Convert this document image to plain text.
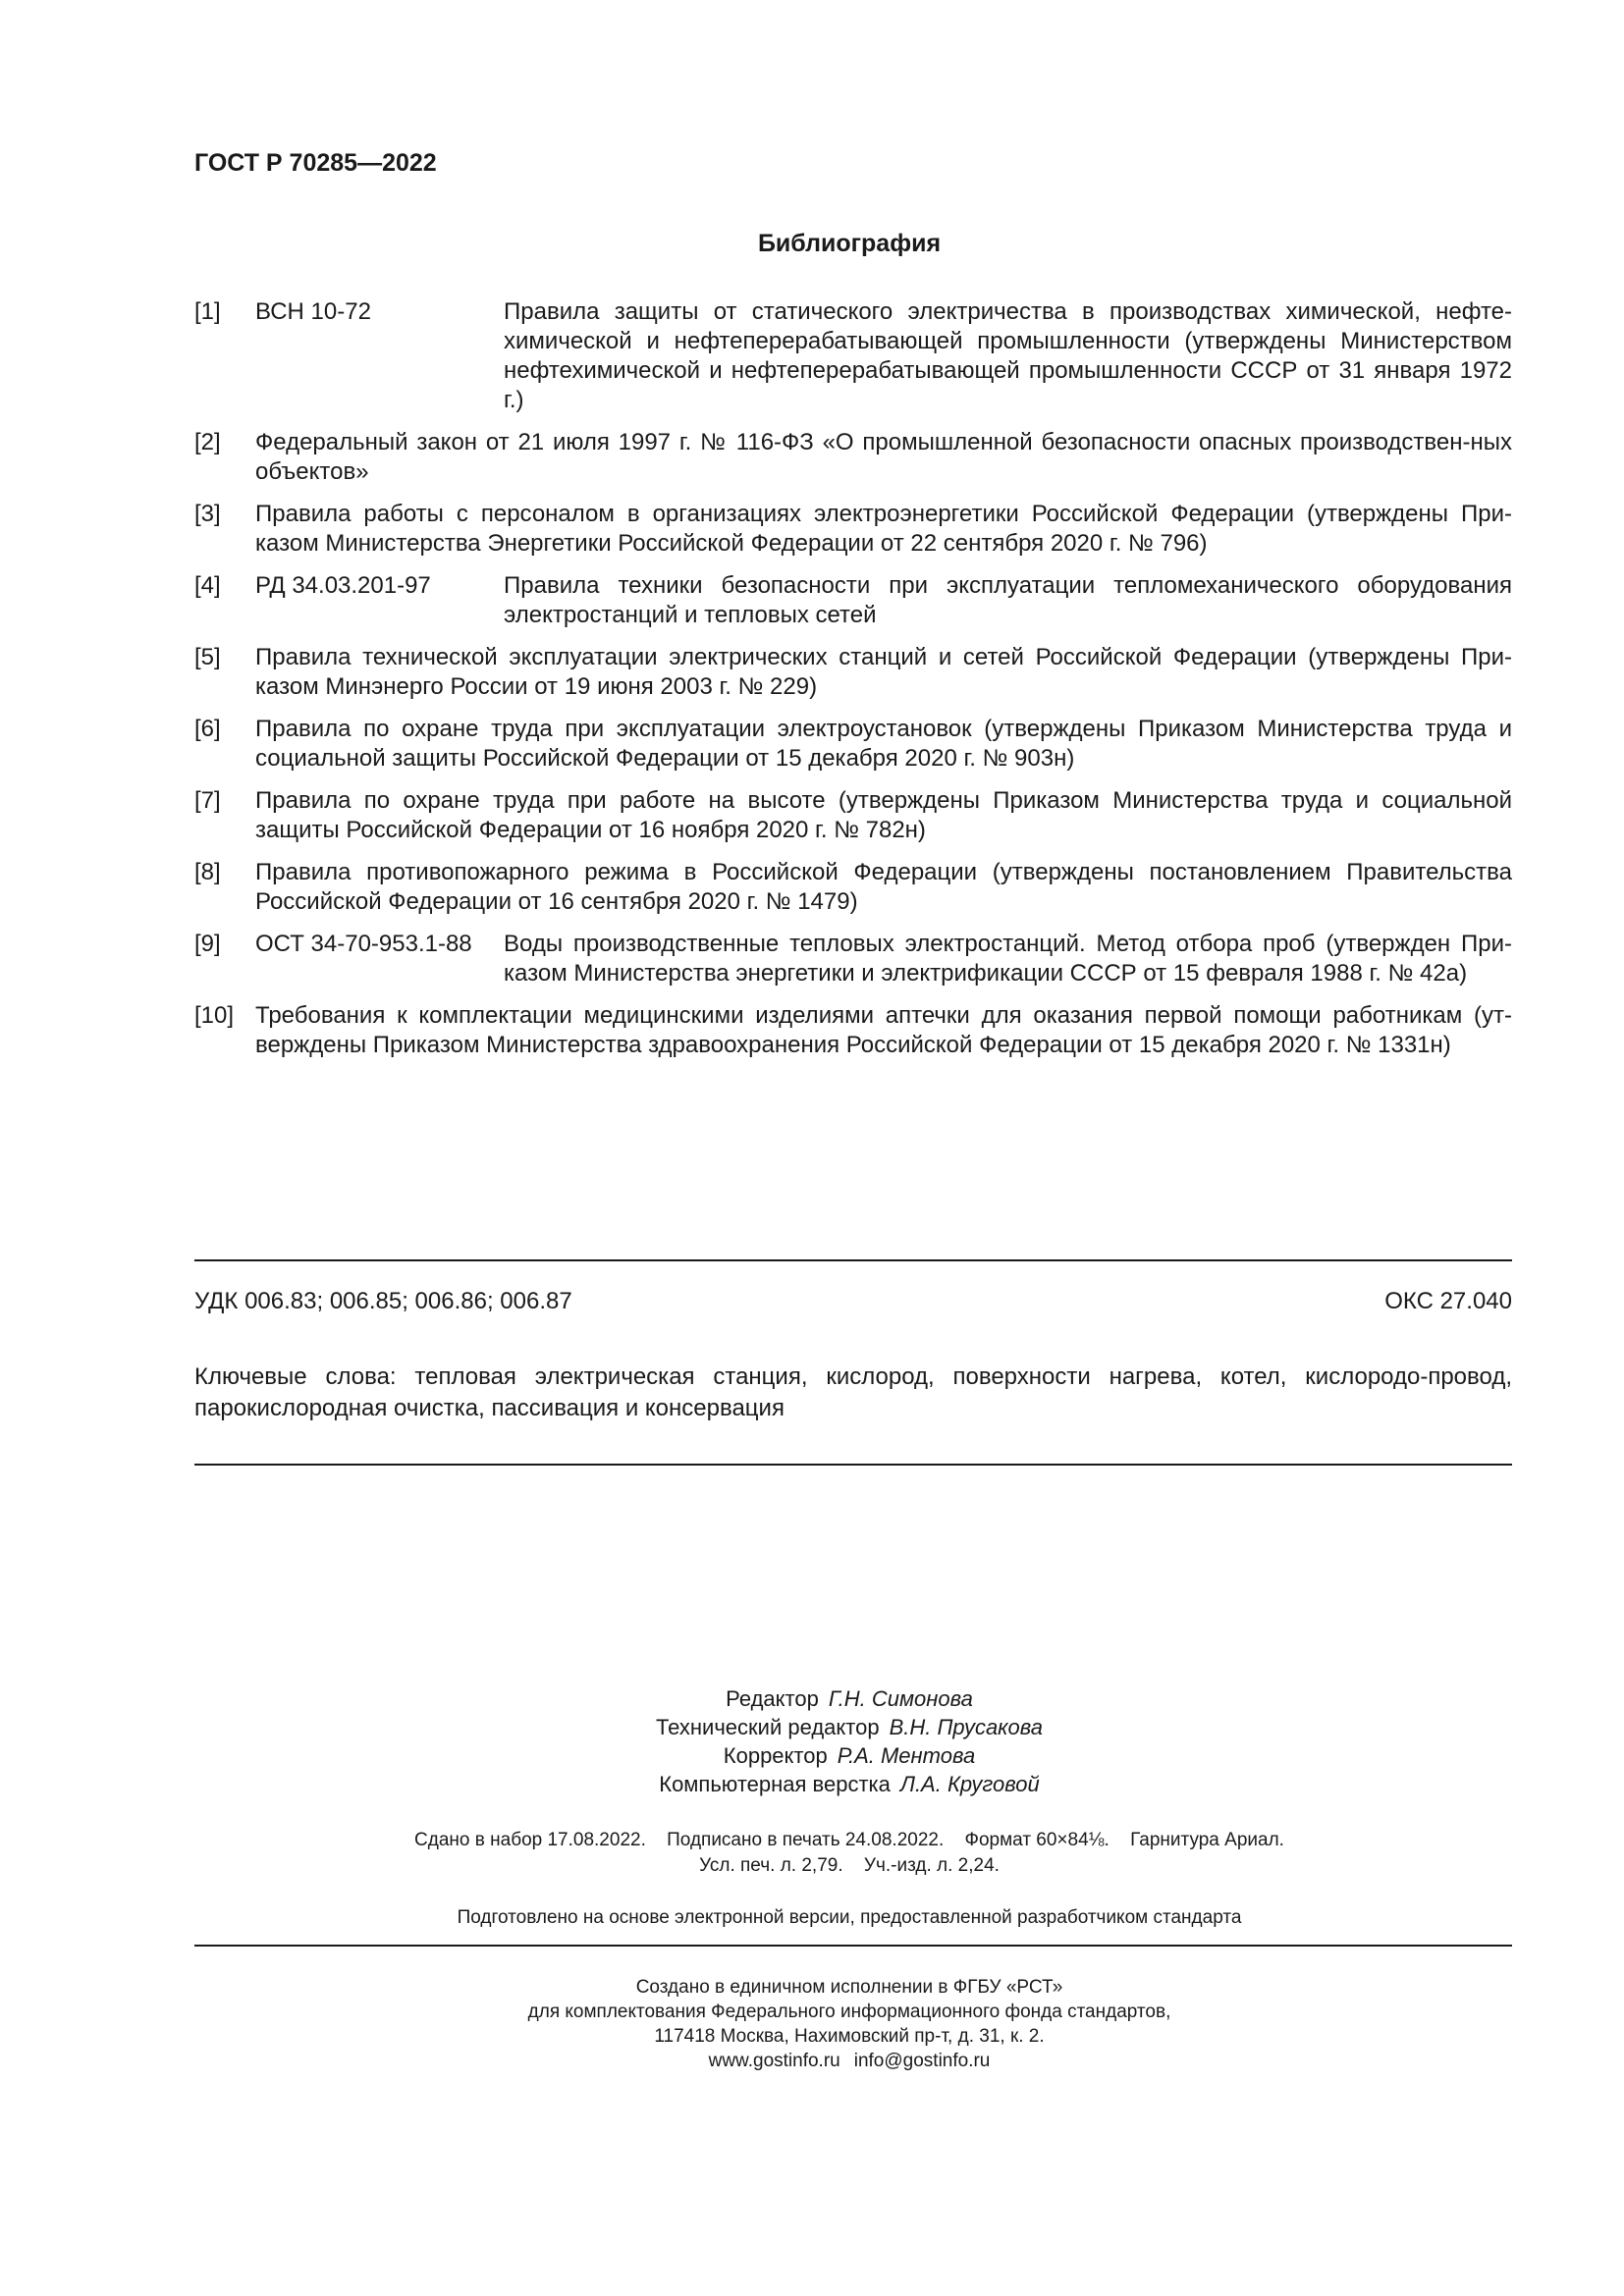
ГОСТ Р 70285—2022
Библиография
[1] ВСН 10-72	Правила защиты от статического электричества в производствах химической, нефте-химической и нефтеперерабатывающей промышленности (утверждены Министерством нефтехимической и нефтеперерабатывающей промышленности СССР от 31 января 1972 г.)
[2] Федеральный закон от 21 июля 1997 г. № 116-ФЗ «О промышленной безопасности опасных производствен-ных объектов»
[3] Правила работы с персоналом в организациях электроэнергетики Российской Федерации (утверждены При-казом Министерства Энергетики Российской Федерации от 22 сентября 2020 г. № 796)
[4] РД 34.03.201-97	Правила техники безопасности при эксплуатации тепломеханического оборудования электростанций и тепловых сетей
[5] Правила технической эксплуатации электрических станций и сетей Российской Федерации (утверждены При-казом Минэнерго России от 19 июня 2003 г. № 229)
[6] Правила по охране труда при эксплуатации электроустановок (утверждены Приказом Министерства труда и социальной защиты Российской Федерации от 15 декабря 2020 г. № 903н)
[7] Правила по охране труда при работе на высоте (утверждены Приказом Министерства труда и социальной защиты Российской Федерации от 16 ноября 2020 г. № 782н)
[8] Правила противопожарного режима в Российской Федерации (утверждены постановлением Правительства Российской Федерации от 16 сентября 2020 г. № 1479)
[9] ОСТ 34-70-953.1-88 Воды производственные тепловых электростанций. Метод отбора проб (утвержден При-казом Министерства энергетики и электрификации СССР от 15 февраля 1988 г. № 42а)
[10] Требования к комплектации медицинскими изделиями аптечки для оказания первой помощи работникам (ут-верждены Приказом Министерства здравоохранения Российской Федерации от 15 декабря 2020 г. № 1331н)
УДК 006.83; 006.85; 006.86; 006.87	ОКС 27.040
Ключевые слова: тепловая электрическая станция, кислород, поверхности нагрева, котел, кислородо-провод, парокислородная очистка, пассивация и консервация
Редактор Г.Н. Симонова
Технический редактор В.Н. Прусакова
Корректор Р.А. Ментова
Компьютерная верстка Л.А. Круговой
Сдано в набор 17.08.2022. Подписано в печать 24.08.2022. Формат 60×84⅛. Гарнитура Ариал.
Усл. печ. л. 2,79. Уч.-изд. л. 2,24.
Подготовлено на основе электронной версии, предоставленной разработчиком стандарта
Создано в единичном исполнении в ФГБУ «РСТ»
для комплектования Федерального информационного фонда стандартов,
117418 Москва, Нахимовский пр-т, д. 31, к. 2.
www.gostinfo.ru info@gostinfo.ru
